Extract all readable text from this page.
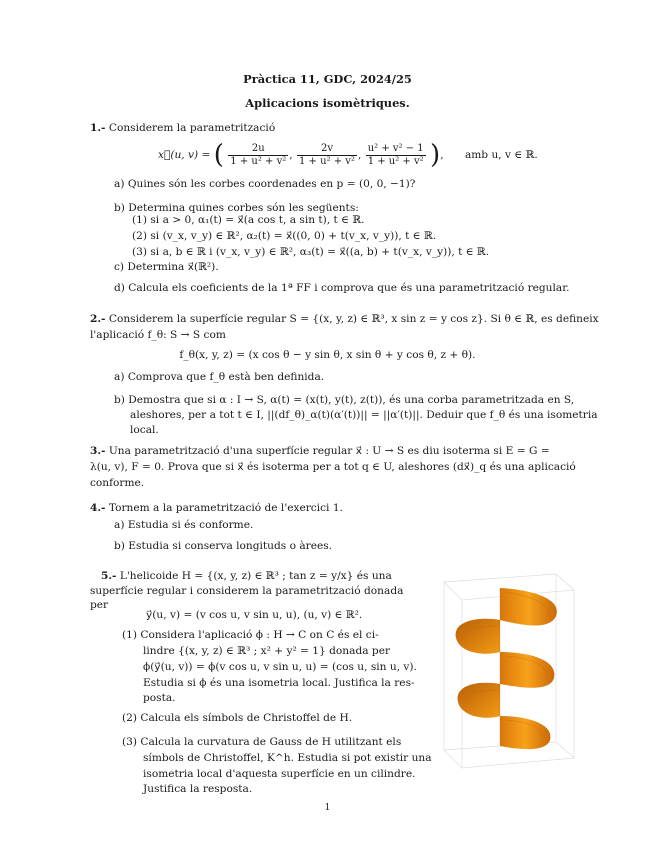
Pràctica 11, GDC, 2024/25
Aplicacions isomètriques.
1.- Considerem la parametrització
x⃗(u, v) = ( $\frac{2u}{\text{1 + u² + v²}}$ , $\frac{2v}{\text{1 + u² + v²}}$ , $\frac{\text{u² + v² − 1}}{\text{1 + u² + v²}}$ ), amb u, v ∈ ℝ.
a) Quines són les corbes coordenades en p = (0, 0, −1)?
b) Determina quines corbes són les següents:
(1) si a > 0, α₁(t) = x⃗(a cos t, a sin t), t ∈ ℝ.
(2) si (v_x, v_y) ∈ ℝ², α₂(t) = x⃗((0, 0) + t(v_x, v_y)), t ∈ ℝ.
(3) si a, b ∈ ℝ i (v_x, v_y) ∈ ℝ², α₃(t) = x⃗((a, b) + t(v_x, v_y)), t ∈ ℝ.
c) Determina x⃗(ℝ²).
d) Calcula els coeficients de la 1ª FF i comprova que és una parametrització regular.
2.- Considerem la superfície regular S = {(x, y, z) ∈ ℝ³, x sin z = y cos z}. Si θ ∈ ℝ, es defineix
l'aplicació f_θ: S → S com
f_θ(x, y, z) = (x cos θ − y sin θ, x sin θ + y cos θ, z + θ).
a) Comprova que f_θ està ben definida.
b) Demostra que si α : I → S, α(t) = (x(t), y(t), z(t)), és una corba parametritzada en S,
aleshores, per a tot t ∈ I, ||(df_θ)_α(t)(α′(t))|| = ||α′(t)||. Deduir que f_θ és una isometria
local.
3.- Una parametrització d'una superfície regular x⃗ : U → S es diu isoterma si E = G =
λ(u, v), F = 0. Prova que si x⃗ és isoterma per a tot q ∈ U, aleshores (dx⃗)_q és una aplicació
conforme.
4.- Tornem a la parametrització de l'exercici 1.
a) Estudia si és conforme.
b) Estudia si conserva longituds o àrees.
5.- L'helicoide H = {(x, y, z) ∈ ℝ³ ; tan z = y/x} és una
superfície regular i considerem la parametrització donada
per
y⃗(u, v) = (v cos u, v sin u, u), (u, v) ∈ ℝ².
(1) Considera l'aplicació ϕ : H → C on C és el ci-
lindre {(x, y, z) ∈ ℝ³ ; x² + y² = 1} donada per
ϕ(y⃗(u, v)) = ϕ(v cos u, v sin u, u) = (cos u, sin u, v).
Estudia si ϕ és una isometria local. Justifica la res-
posta.
(2) Calcula els símbols de Christoffel de H.
(3) Calcula la curvatura de Gauss de H utilitzant els
símbols de Christoffel, K^h. Estudia si pot existir una
isometria local d'aquesta superfície en un cilindre.
Justifica la resposta.
1
